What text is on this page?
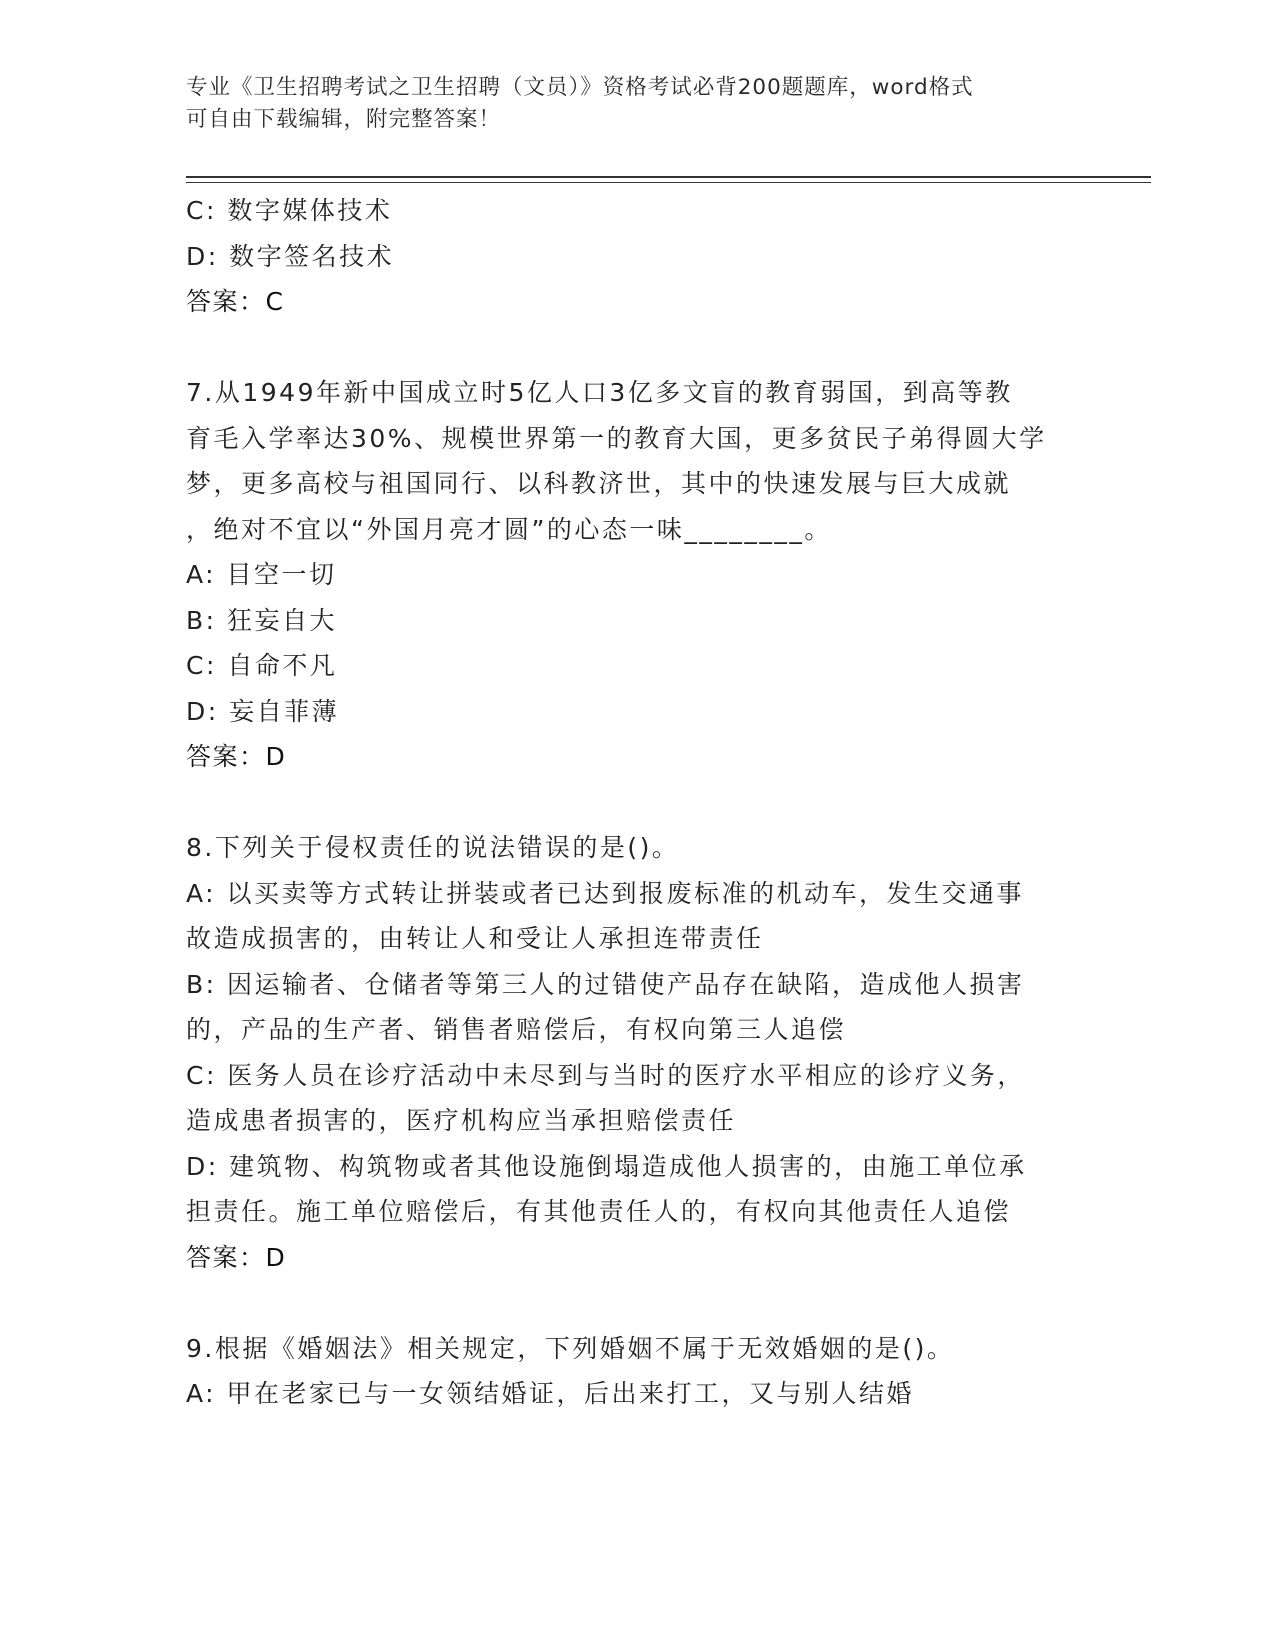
专业《卫生招聘考试之卫生招聘（文员）》资格考试必背200题题库，word格式
可自由下载编辑，附完整答案！
C: 数字媒体技术
D: 数字签名技术
答案：C
7.从1949年新中国成立时5亿人口3亿多文盲的教育弱国，到高等教
育毛入学率达30%、规模世界第一的教育大国，更多贫民子弟得圆大学
梦，更多高校与祖国同行、以科教济世，其中的快速发展与巨大成就
，绝对不宜以“外国月亮才圆”的心态一味________。
A: 目空一切
B: 狂妄自大
C: 自命不凡
D: 妄自菲薄
答案：D
8.下列关于侵权责任的说法错误的是()。
A: 以买卖等方式转让拼装或者已达到报废标准的机动车，发生交通事
故造成损害的，由转让人和受让人承担连带责任
B: 因运输者、仓储者等第三人的过错使产品存在缺陷，造成他人损害
的，产品的生产者、销售者赔偿后，有权向第三人追偿
C: 医务人员在诊疗活动中未尽到与当时的医疗水平相应的诊疗义务，
造成患者损害的，医疗机构应当承担赔偿责任
D: 建筑物、构筑物或者其他设施倒塌造成他人损害的，由施工单位承
担责任。施工单位赔偿后，有其他责任人的，有权向其他责任人追偿
答案：D
9.根据《婚姻法》相关规定，下列婚姻不属于无效婚姻的是()。
A: 甲在老家已与一女领结婚证，后出来打工，又与别人结婚
